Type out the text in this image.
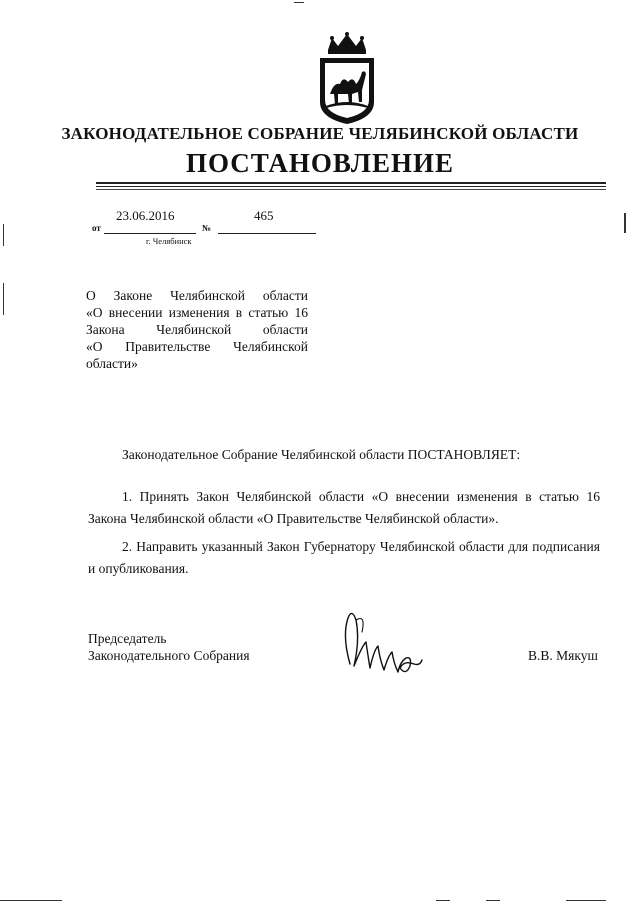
ЗАКОНОДАТЕЛЬНОЕ СОБРАНИЕ ЧЕЛЯБИНСКОЙ ОБЛАСТИ
ПОСТАНОВЛЕНИЕ
23.06.2016	465
от	№
г. Челябинск
О Законе Челябинской области
«О внесении изменения в статью 16
Закона Челябинской области
«О Правительстве Челябинской
области»
Законодательное Собрание Челябинской области ПОСТАНОВЛЯЕТ:
1. Принять Закон Челябинской области «О внесении изменения в статью 16 Закона Челябинской области «О Правительстве Челябинской области».
2. Направить указанный Закон Губернатору Челябинской области для подписания и опубликования.
Председатель
Законодательного Собрания	В.В. Мякуш
